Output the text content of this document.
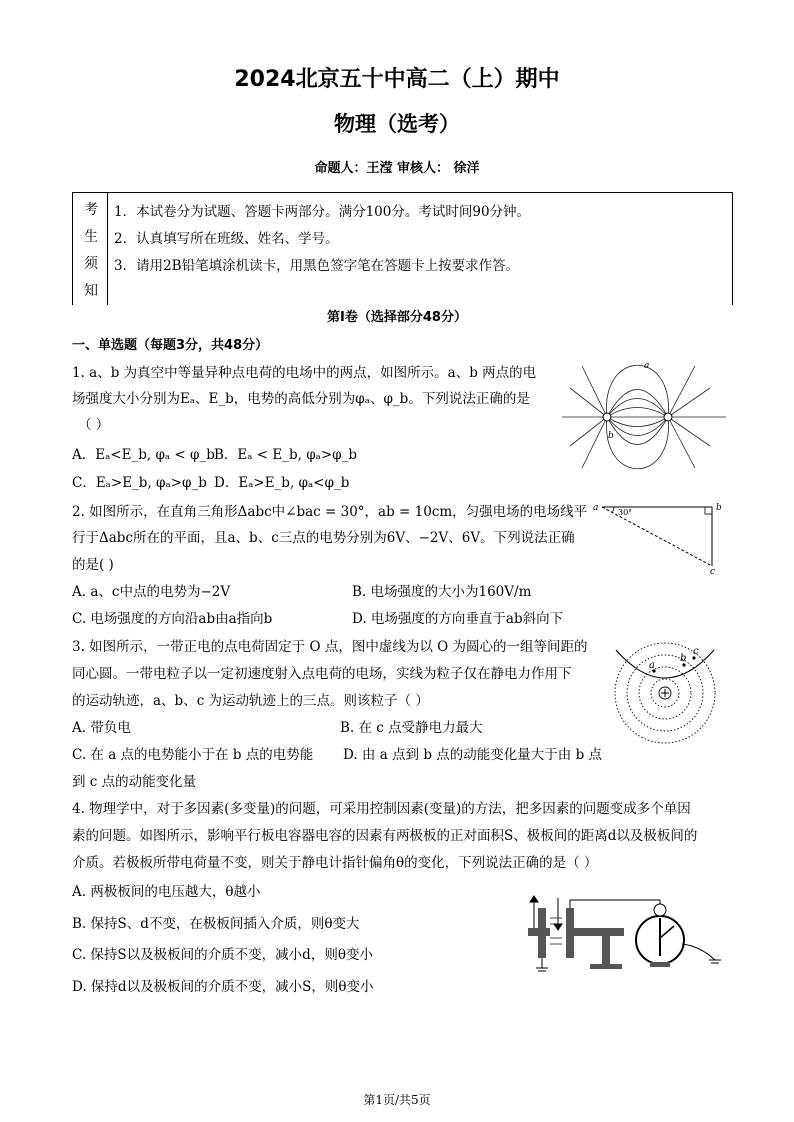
2024北京五十中高二（上）期中
物理（选考）
命题人：王滢 审核人： 徐洋
考
生
须
知
1．本试卷分为试题、答题卡两部分。满分100分。考试时间90分钟。
2．认真填写所在班级、姓名、学号。
3．请用2B铅笔填涂机读卡，用黑色签字笔在答题卡上按要求作答。
第Ⅰ卷（选择部分48分）
一、单选题（每题3分，共48分）
1. a、b 为真空中等量异种点电荷的电场中的两点，如图所示。a、b 两点的电
场强度大小分别为Eₐ、E_b，电势的高低分别为φₐ、φ_b。下列说法正确的是
（ ）
A．Eₐ<E_b, φₐ < φ_b B．Eₐ < E_b, φₐ>φ_b
C．Eₐ>E_b, φₐ>φ_b D．Eₐ>E_b, φₐ<φ_b
a
b
2. 如图所示，在直角三角形Δabc中∠bac = 30°，ab = 10cm，匀强电场的电场线平
行于Δabc所在的平面，且a、b、c三点的电势分别为6V、−2V、6V。下列说法正确
的是( )
A. a、c中点的电势为−2V	B. 电场强度的大小为160V/m
C. 电场强度的方向沿ab由a指向b	D. 电场强度的方向垂直于ab斜向下
a 30°	b
c
3. 如图所示，一带正电的点电荷固定于 O 点，图中虚线为以 O 为圆心的一组等间距的
同心圆。一带电粒子以一定初速度射入点电荷的电场，实线为粒子仅在静电力作用下
的运动轨迹，a、b、c 为运动轨迹上的三点。则该粒子（ ）
A. 带负电	B. 在 c 点受静电力最大
C. 在 a 点的电势能小于在 b 点的电势能 D. 由 a 点到 b 点的动能变化量大于由 b 点
到 c 点的动能变化量
a
b
c
4. 物理学中，对于多因素(多变量)的问题，可采用控制因素(变量)的方法，把多因素的问题变成多个单因
素的问题。如图所示，影响平行板电容器电容的因素有两极板的正对面积S、极板间的距离d以及极板间的
介质。若极板所带电荷量不变，则关于静电计指针偏角θ的变化，下列说法正确的是（ ）
A. 两极板间的电压越大，θ越小
B. 保持S、d不变，在极板间插入介质，则θ变大
C. 保持S以及极板间的介质不变，减小d，则θ变小
D. 保持d以及极板间的介质不变，减小S，则θ变小
第1页/共5页
